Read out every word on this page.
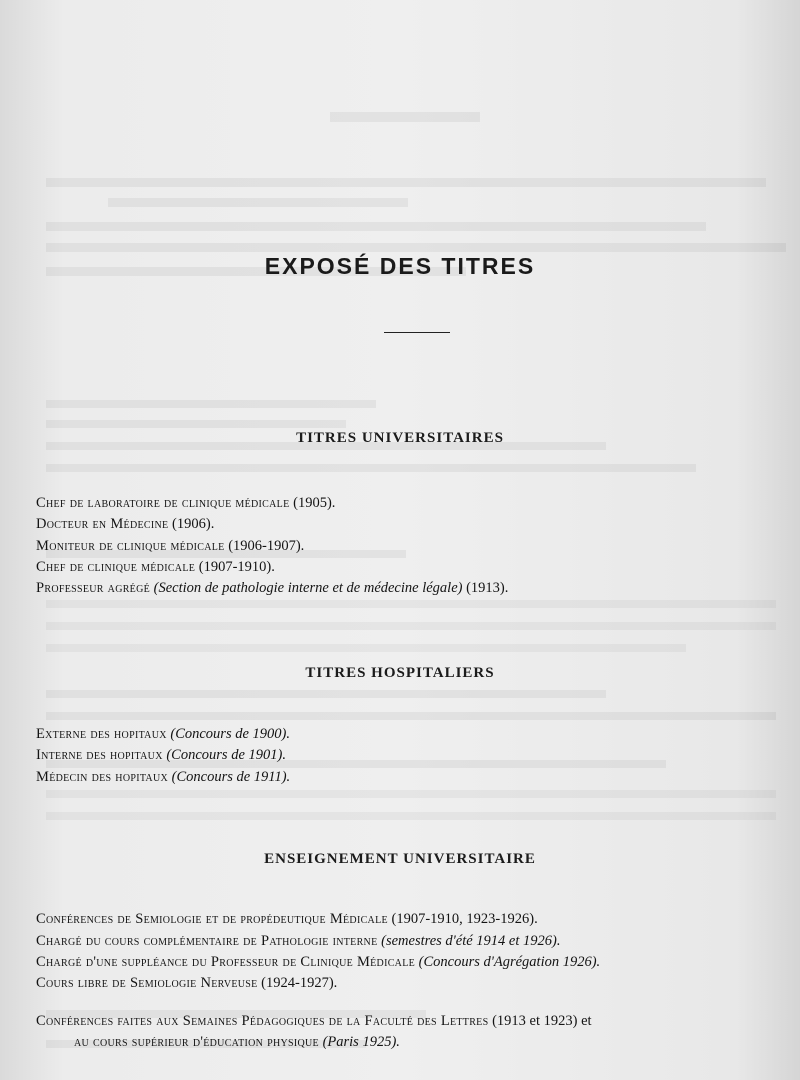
EXPOSÉ DES TITRES
TITRES UNIVERSITAIRES
Chef de laboratoire de clinique médicale (1905).
Docteur en Médecine (1906).
Moniteur de clinique médicale (1906-1907).
Chef de clinique médicale (1907-1910).
Professeur agrégé (Section de pathologie interne et de médecine légale) (1913).
TITRES HOSPITALIERS
Externe des hopitaux (Concours de 1900).
Interne des hopitaux (Concours de 1901).
Médecin des hopitaux (Concours de 1911).
ENSEIGNEMENT UNIVERSITAIRE
Conférences de Semiologie et de propédeutique Médicale (1907-1910, 1923-1926).
Chargé du cours complémentaire de Pathologie interne (semestres d'été 1914 et 1926).
Chargé d'une suppléance du Professeur de Clinique Médicale (Concours d'Agrégation 1926).
Cours libre de Semiologie Nerveuse (1924-1927).
Conférences faites aux Semaines Pédagogiques de la Faculté des Lettres (1913 et 1923) et
au cours supérieur d'éducation physique (Paris 1925).
